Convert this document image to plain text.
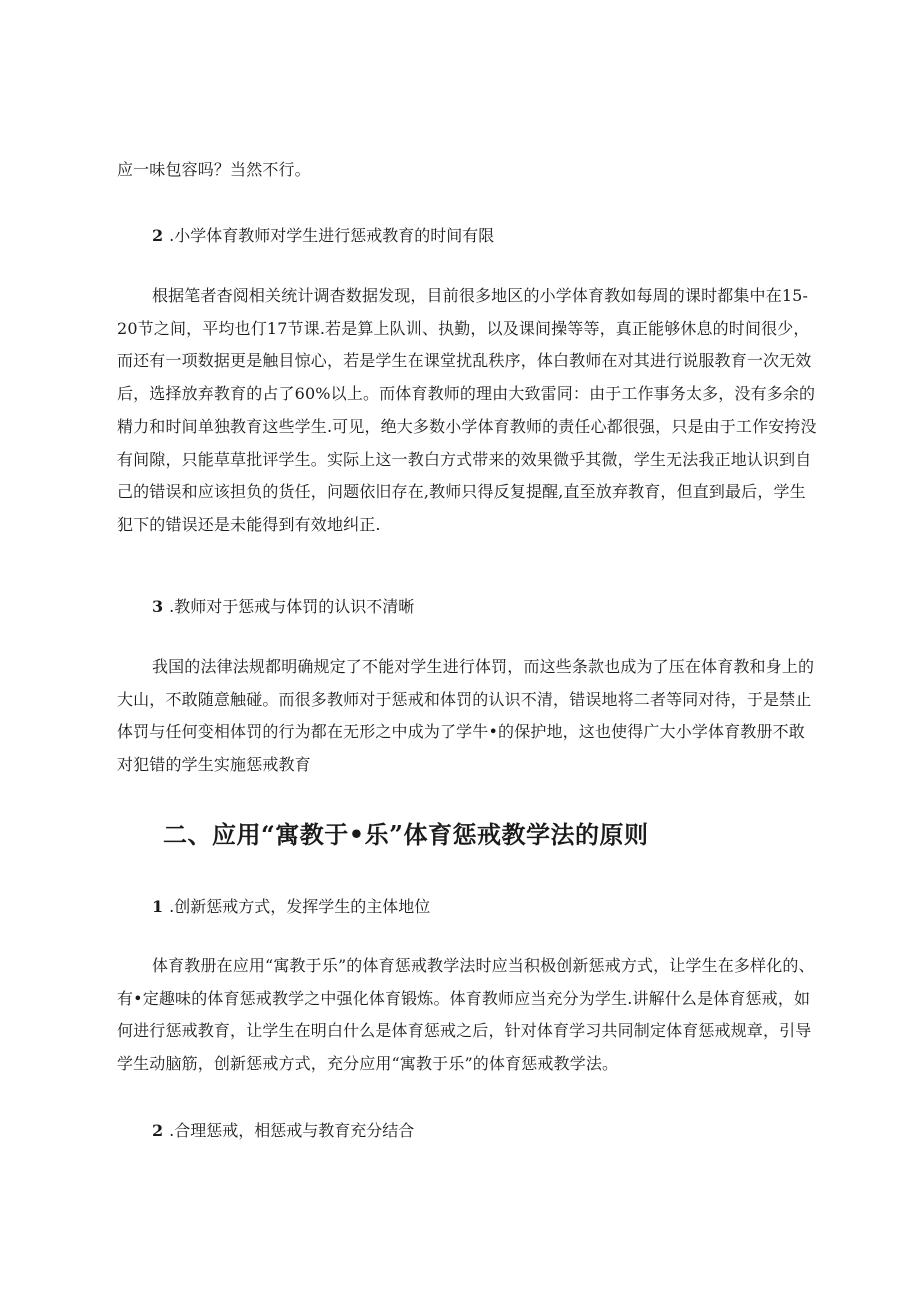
应一味包容吗？当然不行。

2 .小学体育教师对学生进行惩戒教育的时间有限

根据笔者杳阅相关统计调杳数据发现，目前很多地区的小学体育教如每周的课时都集中在15-20节之间，平均也仃17节课.若是算上队训、执勤，以及课间操等等，真正能够休息的时间很少，而还有一项数据更是触目惊心，若是学生在课堂扰乱秩序，体白教师在对其进行说服教育一次无效后，选择放弃教育的占了60%以上。而体育教师的理由大致雷同：由于工作事务太多，没有多余的精力和时间单独教育这些学生.可见，绝大多数小学体育教师的责任心都很强，只是由于工作安挎没有间隙，只能草草批评学生。实际上这一教白方式带来的效果微乎其微，学生无法我正地认识到自己的错误和应该担负的货任，问题依旧存在,教师只得反复提醒,直至放弃教育，但直到最后，学生犯下的错误还是未能得到有效地纠正.

3 .教师对于惩戒与体罚的认识不清晰

我国的法律法规都明确规定了不能对学生进行体罚，而这些条款也成为了压在体育教和身上的大山，不敢随意触碰。而很多教师对于惩戒和体罚的认识不清，错误地将二者等同对待，于是禁止体罚与任何变相体罚的行为都在无形之中成为了学牛•的保护地，这也使得广大小学体育教册不敢对犯错的学生实施惩戒教育

二、应用“寓教于•乐”体育惩戒教学法的原则

1 .创新惩戒方式，发挥学生的主体地位

体育教册在应用“寓教于乐”的体育惩戒教学法时应当积极创新惩戒方式，让学生在多样化的、有•定趣味的体育惩戒教学之中强化体育锻炼。体育教师应当充分为学生.讲解什么是体育惩戒，如何进行惩戒教育，让学生在明白什么是体育惩戒之后，针对体育学习共同制定体育惩戒规章，引导学生动脑筋，创新惩戒方式，充分应用“寓教于乐”的体育惩戒教学法。

2 .合理惩戒，相惩戒与教育充分结合
